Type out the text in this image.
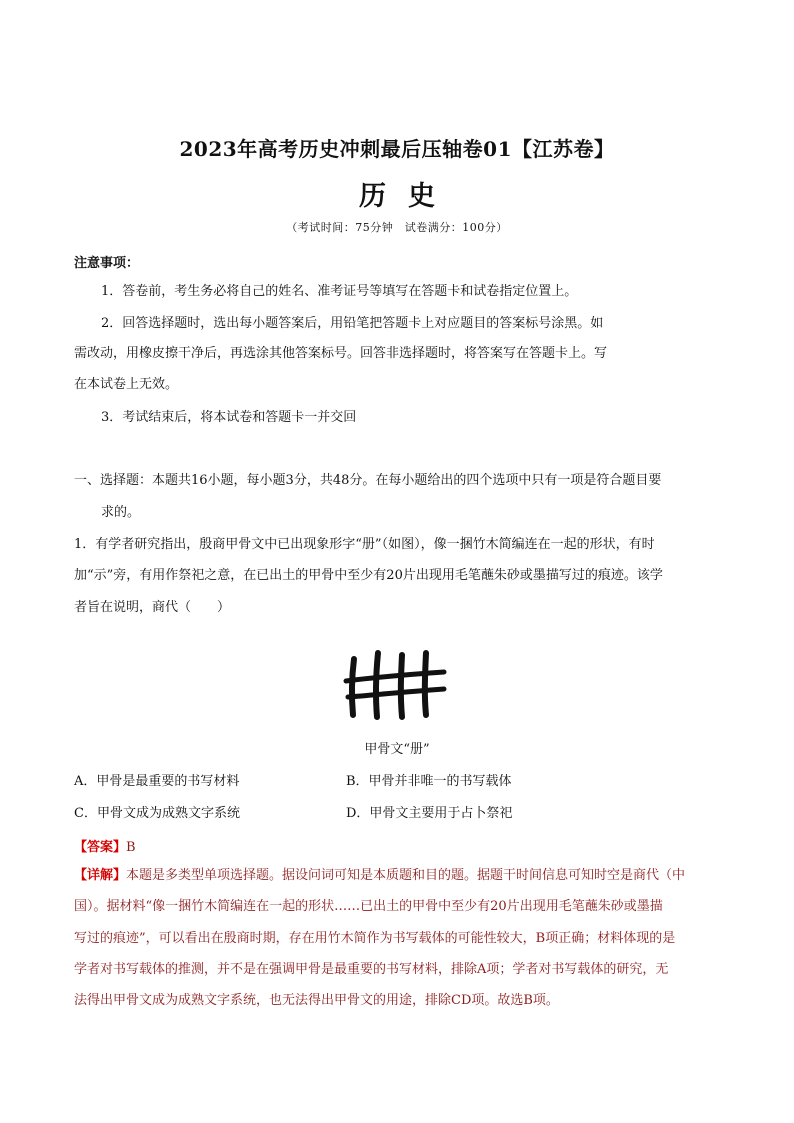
2023年高考历史冲刺最后压轴卷01【江苏卷】
历史
（考试时间：75分钟　试卷满分：100分）
注意事项：
1．答卷前，考生务必将自己的姓名、准考证号等填写在答题卡和试卷指定位置上。
2．回答选择题时，选出每小题答案后，用铅笔把答题卡上对应题目的答案标号涂黑。如
需改动，用橡皮擦干净后，再选涂其他答案标号。回答非选择题时，将答案写在答题卡上。写
在本试卷上无效。
3．考试结束后，将本试卷和答题卡一并交回
一、选择题：本题共16小题，每小题3分，共48分。在每小题给出的四个选项中只有一项是符合题目要
求的。
1．有学者研究指出，殷商甲骨文中已出现象形字“册”（如图），像一捆竹木简编连在一起的形状，有时
加“示”旁，有用作祭祀之意，在已出土的甲骨中至少有20片出现用毛笔蘸朱砂或墨描写过的痕迹。该学
者旨在说明，商代（　　）
甲骨文“册”
A．甲骨是最重要的书写材料	B．甲骨并非唯一的书写载体
C．甲骨文成为成熟文字系统	D．甲骨文主要用于占卜祭祀
【答案】B
【详解】本题是多类型单项选择题。据设问词可知是本质题和目的题。据题干时间信息可知时空是商代（中
国）。据材料“像一捆竹木简编连在一起的形状……已出土的甲骨中至少有20片出现用毛笔蘸朱砂或墨描
写过的痕迹”，可以看出在殷商时期，存在用竹木简作为书写载体的可能性较大，B项正确；材料体现的是
学者对书写载体的推测，并不是在强调甲骨是最重要的书写材料，排除A项；学者对书写载体的研究，无
法得出甲骨文成为成熟文字系统，也无法得出甲骨文的用途，排除CD项。故选B项。
